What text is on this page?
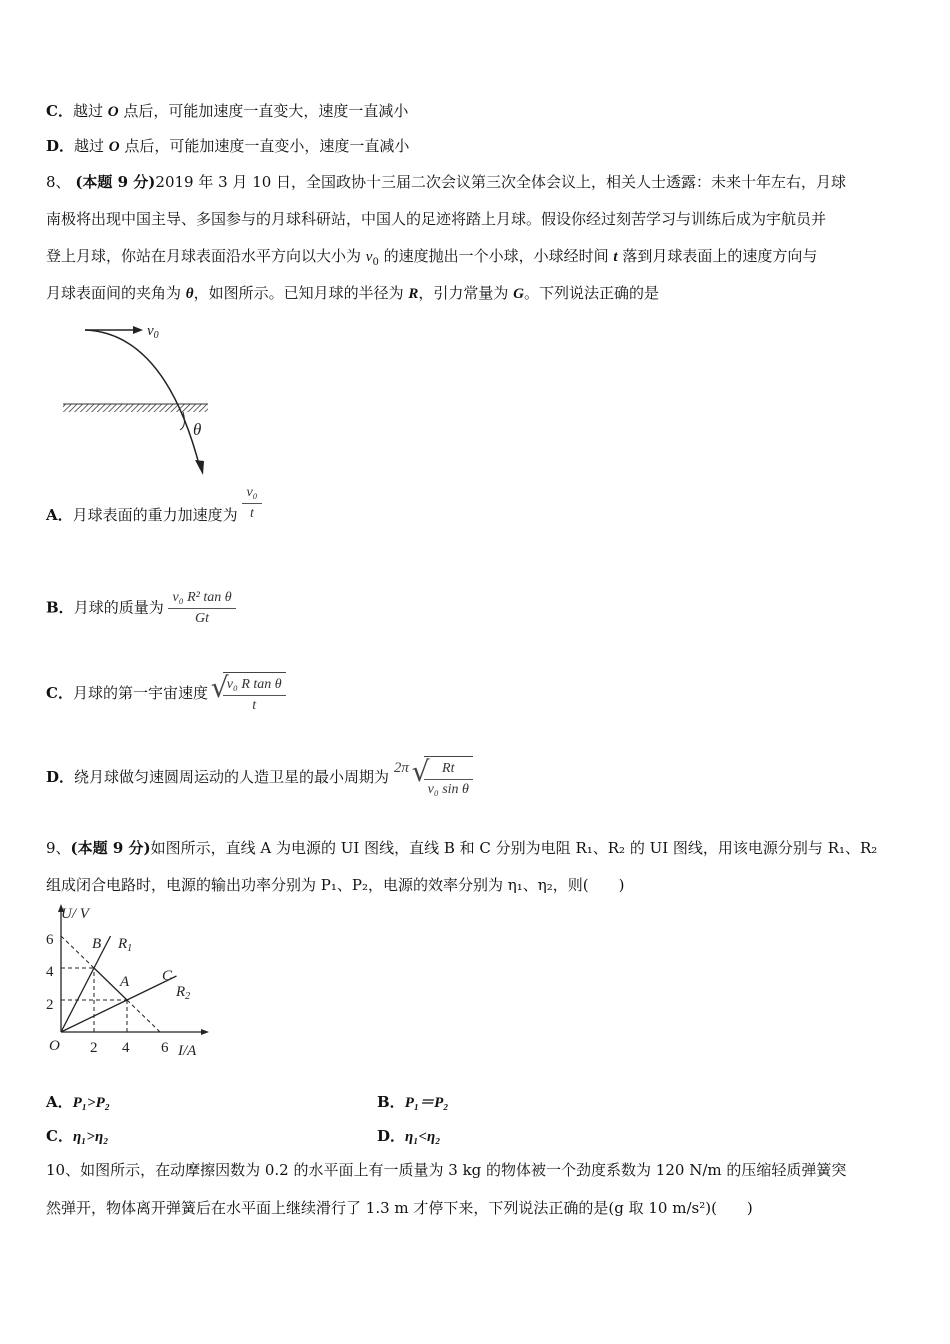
C．越过 O 点后，可能加速度一直变大，速度一直减小
D．越过 O 点后，可能加速度一直变小，速度一直减小
8、 (本题 9 分)2019 年 3 月 10 日，全国政协十三届二次会议第三次全体会议上，相关人士透露：未来十年左右，月球
南极将出现中国主导、多国参与的月球科研站，中国人的足迹将踏上月球。假设你经过刻苦学习与训练后成为宇航员并
登上月球，你站在月球表面沿水平方向以大小为 $v_0$ 的速度抛出一个小球，小球经时间 t 落到月球表面上的速度方向与
月球表面间的夹角为 θ，如图所示。已知月球的半径为 R，引力常量为 G。下列说法正确的是
$v_0$
θ
A．月球表面的重力加速度为 $\frac{\text{v₀}}{t}$
B．月球的质量为 $\frac{\text{v₀ R² tan θ}}{Gt}$
C．月球的第一宇宙速度 √ $\frac{\text{v₀ R tan θ}}{t}$
D．绕月球做匀速圆周运动的人造卫星的最小周期为 2π √ $\frac{Rt}{\text{v₀ sin θ}}$
9、(本题 9 分)如图所示，直线 A 为电源的 UI 图线，直线 B 和 C 分别为电阻 R₁、R₂ 的 UI 图线，用该电源分别与 R₁、R₂
组成闭合电路时，电源的输出功率分别为 P₁、P₂，电源的效率分别为 η₁、η₂，则(　　)
U/ V
I/A
O
6
4
2
2 4 6
B $R_1$
A C
$R_2$
A．P₁>P₂	B．P₁＝P₂
C．η₁>η₂	D．η₁<η₂
10、如图所示，在动摩擦因数为 0.2 的水平面上有一质量为 3 kg 的物体被一个劲度系数为 120 N/m 的压缩轻质弹簧突
然弹开，物体离开弹簧后在水平面上继续滑行了 1.3 m 才停下来，下列说法正确的是(g 取 10 m/s²)(　　)
